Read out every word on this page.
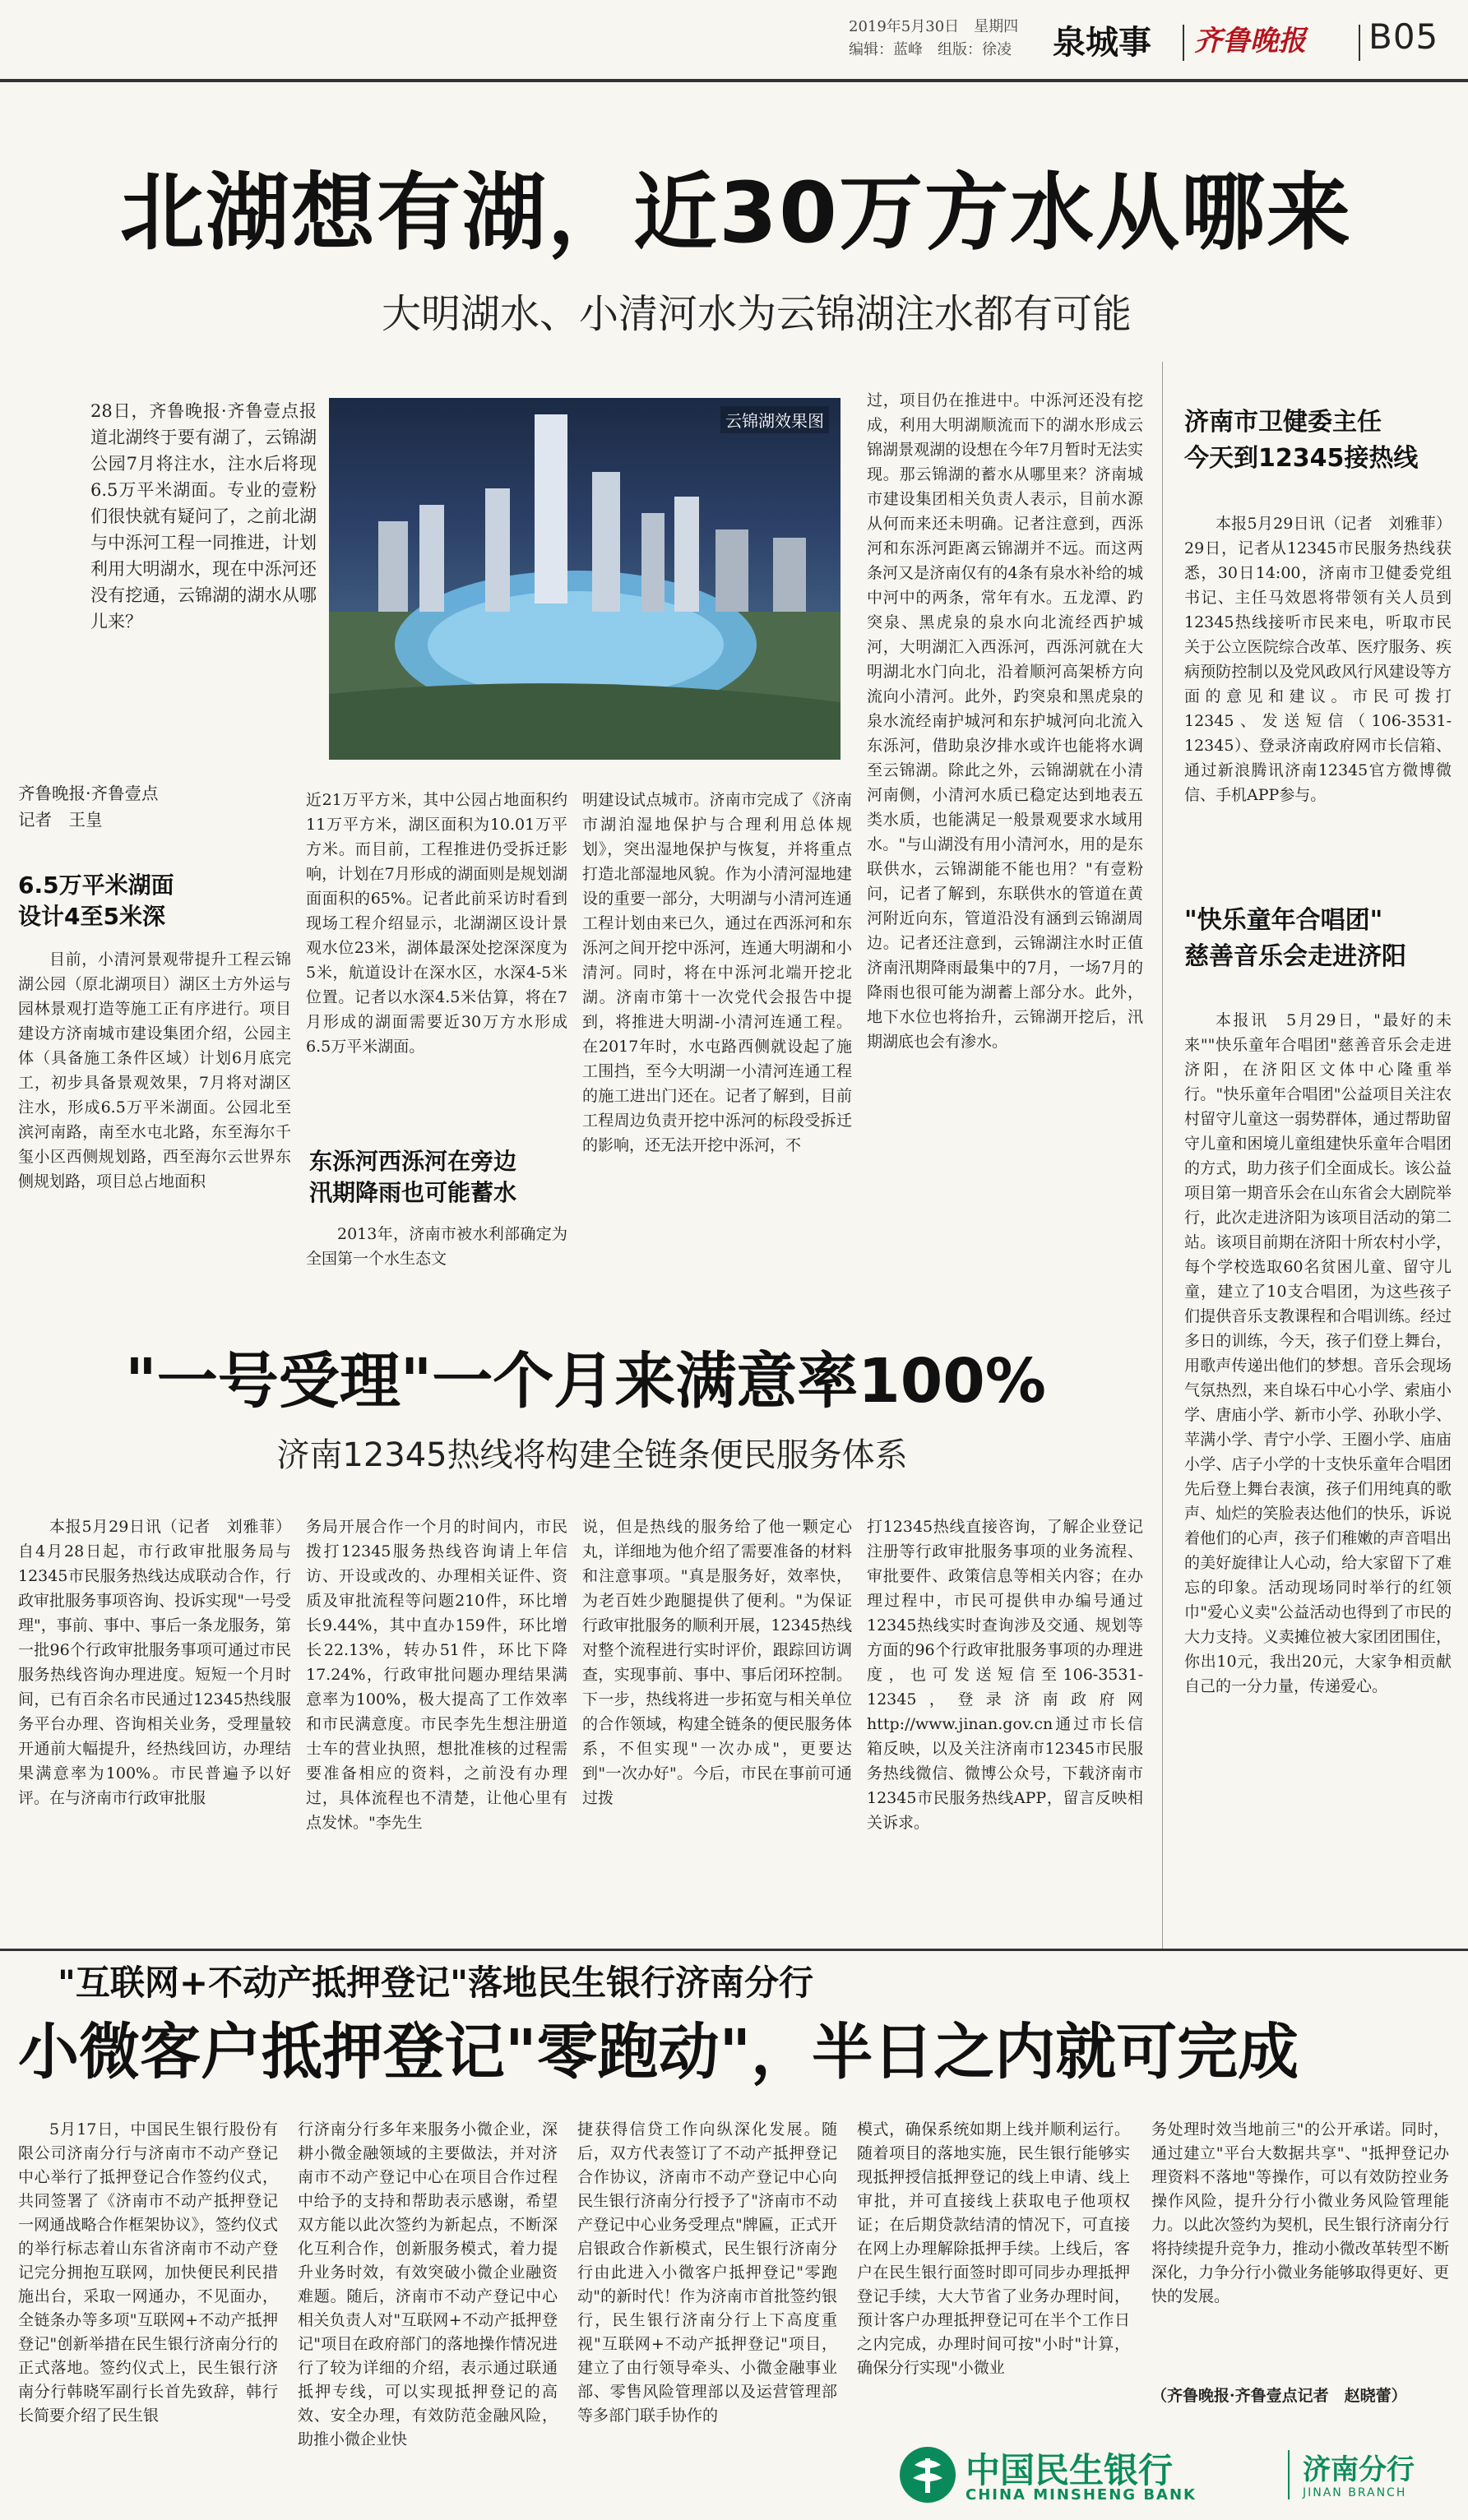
2019年5月30日　星期四
编辑：蓝峰　组版：徐凌 泉城事 齐鲁晚报 B05
北湖想有湖，近30万方水从哪来
大明湖水、小清河水为云锦湖注水都有可能
28日，齐鲁晚报·齐鲁壹点报道北湖终于要有湖了，云锦湖公园7月将注水，注水后将现6.5万平米湖面。专业的壹粉们很快就有疑问了，之前北湖与中泺河工程一同推进，计划利用大明湖水，现在中泺河还没有挖通，云锦湖的湖水从哪儿来？
齐鲁晚报·齐鲁壹点
记者　王皇
云锦湖效果图
6.5万平米湖面
设计4至5米深
目前，小清河景观带提升工程云锦湖公园（原北湖项目）湖区土方外运与园林景观打造等施工正有序进行。项目建设方济南城市建设集团介绍，公园主体（具备施工条件区域）计划6月底完工，初步具备景观效果，7月将对湖区注水，形成6.5万平米湖面。公园北至滨河南路，南至水屯北路，东至海尔千玺小区西侧规划路，西至海尔云世界东侧规划路，项目总占地面积
近21万平方米，其中公园占地面积约11万平方米，湖区面积为10.01万平方米。而目前，工程推进仍受拆迁影响，计划在7月形成的湖面则是规划湖面面积的65%。记者此前采访时看到现场工程介绍显示，北湖湖区设计景观水位23米，湖体最深处挖深深度为5米，航道设计在深水区，水深4-5米位置。记者以水深4.5米估算，将在7月形成的湖面需要近30万方水形成6.5万平米湖面。
东泺河西泺河在旁边
汛期降雨也可能蓄水
2013年，济南市被水利部确定为全国第一个水生态文
明建设试点城市。济南市完成了《济南市湖泊湿地保护与合理利用总体规划》，突出湿地保护与恢复，并将重点打造北部湿地风貌。作为小清河湿地建设的重要一部分，大明湖与小清河连通工程计划由来已久，通过在西泺河和东泺河之间开挖中泺河，连通大明湖和小清河。同时，将在中泺河北端开挖北湖。济南市第十一次党代会报告中提到，将推进大明湖-小清河连通工程。在2017年时，水屯路西侧就设起了施工围挡，至今大明湖一小清河连通工程的施工进出门还在。记者了解到，目前工程周边负责开挖中泺河的标段受拆迁的影响，还无法开挖中泺河，不
过，项目仍在推进中。中泺河还没有挖成，利用大明湖顺流而下的湖水形成云锦湖景观湖的设想在今年7月暂时无法实现。那云锦湖的蓄水从哪里来？济南城市建设集团相关负责人表示，目前水源从何而来还未明确。记者注意到，西泺河和东泺河距离云锦湖并不远。而这两条河又是济南仅有的4条有泉水补给的城中河中的两条，常年有水。五龙潭、趵突泉、黑虎泉的泉水向北流经西护城河，大明湖汇入西泺河，西泺河就在大明湖北水门向北，沿着顺河高架桥方向流向小清河。此外，趵突泉和黑虎泉的泉水流经南护城河和东护城河向北流入东泺河，借助泉汐排水或许也能将水调至云锦湖。除此之外，云锦湖就在小清河南侧，小清河水质已稳定达到地表五类水质，也能满足一般景观要求水域用水。"与山湖没有用小清河水，用的是东联供水，云锦湖能不能也用？"有壹粉问，记者了解到，东联供水的管道在黄河附近向东，管道沿没有涵到云锦湖周边。记者还注意到，云锦湖注水时正值济南汛期降雨最集中的7月，一场7月的降雨也很可能为湖蓄上部分水。此外，地下水位也将抬升，云锦湖开挖后，汛期湖底也会有渗水。
济南市卫健委主任
今天到12345接热线
本报5月29日讯（记者　刘雅菲）29日，记者从12345市民服务热线获悉，30日14:00，济南市卫健委党组书记、主任马效恩将带领有关人员到12345热线接听市民来电，听取市民关于公立医院综合改革、医疗服务、疾病预防控制以及党风政风行风建设等方面的意见和建议。市民可拨打12345、发送短信（106-3531-12345）、登录济南政府网市长信箱、通过新浪腾讯济南12345官方微博微信、手机APP参与。
"快乐童年合唱团"
慈善音乐会走进济阳
本报讯　5月29日，"最好的未来""快乐童年合唱团"慈善音乐会走进济阳，在济阳区文体中心隆重举行。"快乐童年合唱团"公益项目关注农村留守儿童这一弱势群体，通过帮助留守儿童和困境儿童组建快乐童年合唱团的方式，助力孩子们全面成长。该公益项目第一期音乐会在山东省会大剧院举行，此次走进济阳为该项目活动的第二站。该项目前期在济阳十所农村小学，每个学校选取60名贫困儿童、留守儿童，建立了10支合唱团，为这些孩子们提供音乐支教课程和合唱训练。经过多日的训练，今天，孩子们登上舞台，用歌声传递出他们的梦想。音乐会现场气氛热烈，来自垛石中心小学、索庙小学、唐庙小学、新市小学、孙耿小学、苹满小学、青宁小学、王圈小学、庙庙小学、店子小学的十支快乐童年合唱团先后登上舞台表演，孩子们用纯真的歌声、灿烂的笑脸表达他们的快乐，诉说着他们的心声，孩子们稚嫩的声音唱出的美好旋律让人心动，给大家留下了难忘的印象。活动现场同时举行的红领巾"爱心义卖"公益活动也得到了市民的大力支持。义卖摊位被大家团团围住，你出10元，我出20元，大家争相贡献自己的一分力量，传递爱心。
"一号受理"一个月来满意率100%
济南12345热线将构建全链条便民服务体系
本报5月29日讯（记者　刘雅菲）自4月28日起，市行政审批服务局与12345市民服务热线达成联动合作，行政审批服务事项咨询、投诉实现"一号受理"，事前、事中、事后一条龙服务，第一批96个行政审批服务事项可通过市民服务热线咨询办理进度。短短一个月时间，已有百余名市民通过12345热线服务平台办理、咨询相关业务，受理量较开通前大幅提升，经热线回访，办理结果满意率为100%。市民普遍予以好评。在与济南市行政审批服
务局开展合作一个月的时间内，市民拨打12345服务热线咨询请上年信访、开设或改的、办理相关证件、资质及审批流程等问题210件，环比增长9.44%，其中直办159件，环比增长22.13%，转办51件，环比下降17.24%，行政审批问题办理结果满意率为100%，极大提高了工作效率和市民满意度。市民李先生想注册道士车的营业执照，想批准核的过程需要准备相应的资料，之前没有办理过，具体流程也不清楚，让他心里有点发怵。"李先生
说，但是热线的服务给了他一颗定心丸，详细地为他介绍了需要准备的材料和注意事项。"真是服务好，效率快，为老百姓少跑腿提供了便利。"为保证行政审批服务的顺利开展，12345热线对整个流程进行实时评价，跟踪回访调查，实现事前、事中、事后闭环控制。下一步，热线将进一步拓宽与相关单位的合作领域，构建全链条的便民服务体系，不但实现"一次办成"，更要达到"一次办好"。今后，市民在事前可通过拨
打12345热线直接咨询，了解企业登记注册等行政审批服务事项的业务流程、审批要件、政策信息等相关内容；在办理过程中，市民可提供申办编号通过12345热线实时查询涉及交通、规划等方面的96个行政审批服务事项的办理进度，也可发送短信至106-3531-12345，登录济南政府网http://www.jinan.gov.cn通过市长信箱反映，以及关注济南市12345市民服务热线微信、微博公众号，下载济南市12345市民服务热线APP，留言反映相关诉求。
"互联网+不动产抵押登记"落地民生银行济南分行
小微客户抵押登记"零跑动"，半日之内就可完成
5月17日，中国民生银行股份有限公司济南分行与济南市不动产登记中心举行了抵押登记合作签约仪式，共同签署了《济南市不动产抵押登记一网通战略合作框架协议》，签约仪式的举行标志着山东省济南市不动产登记完分拥抱互联网，加快便民利民措施出台，采取一网通办，不见面办，全链条办等多项"互联网+不动产抵押登记"创新举措在民生银行济南分行的正式落地。签约仪式上，民生银行济南分行韩晓军副行长首先致辞，韩行长简要介绍了民生银
行济南分行多年来服务小微企业，深耕小微金融领域的主要做法，并对济南市不动产登记中心在项目合作过程中给予的支持和帮助表示感谢，希望双方能以此次签约为新起点，不断深化互利合作，创新服务模式，着力提升业务时效，有效突破小微企业融资难题。随后，济南市不动产登记中心相关负责人对"互联网+不动产抵押登记"项目在政府部门的落地操作情况进行了较为详细的介绍，表示通过联通抵押专线，可以实现抵押登记的高效、安全办理，有效防范金融风险，助推小微企业快
捷获得信贷工作向纵深化发展。随后，双方代表签订了不动产抵押登记合作协议，济南市不动产登记中心向民生银行济南分行授予了"济南市不动产登记中心业务受理点"牌匾，正式开启银政合作新模式，民生银行济南分行由此进入小微客户抵押登记"零跑动"的新时代！作为济南市首批签约银行，民生银行济南分行上下高度重视"互联网+不动产抵押登记"项目，建立了由行领导牵头、小微金融事业部、零售风险管理部以及运营管理部等多部门联手协作的
模式，确保系统如期上线并顺利运行。随着项目的落地实施，民生银行能够实现抵押授信抵押登记的线上申请、线上审批，并可直接线上获取电子他项权证；在后期贷款结清的情况下，可直接在网上办理解除抵押手续。上线后，客户在民生银行面签时即可同步办理抵押登记手续，大大节省了业务办理时间，预计客户办理抵押登记可在半个工作日之内完成，办理时间可按"小时"计算，确保分行实现"小微业
务处理时效当地前三"的公开承诺。同时，通过建立"平台大数据共享"、"抵押登记办理资料不落地"等操作，可以有效防控业务操作风险，提升分行小微业务风险管理能力。以此次签约为契机，民生银行济南分行将持续提升竞争力，推动小微改革转型不断深化，力争分行小微业务能够取得更好、更快的发展。
（齐鲁晚报·齐鲁壹点记者　赵晓蕾）
中国民生银行
CHINA MINSHENG BANK
济南分行
JINAN BRANCH
